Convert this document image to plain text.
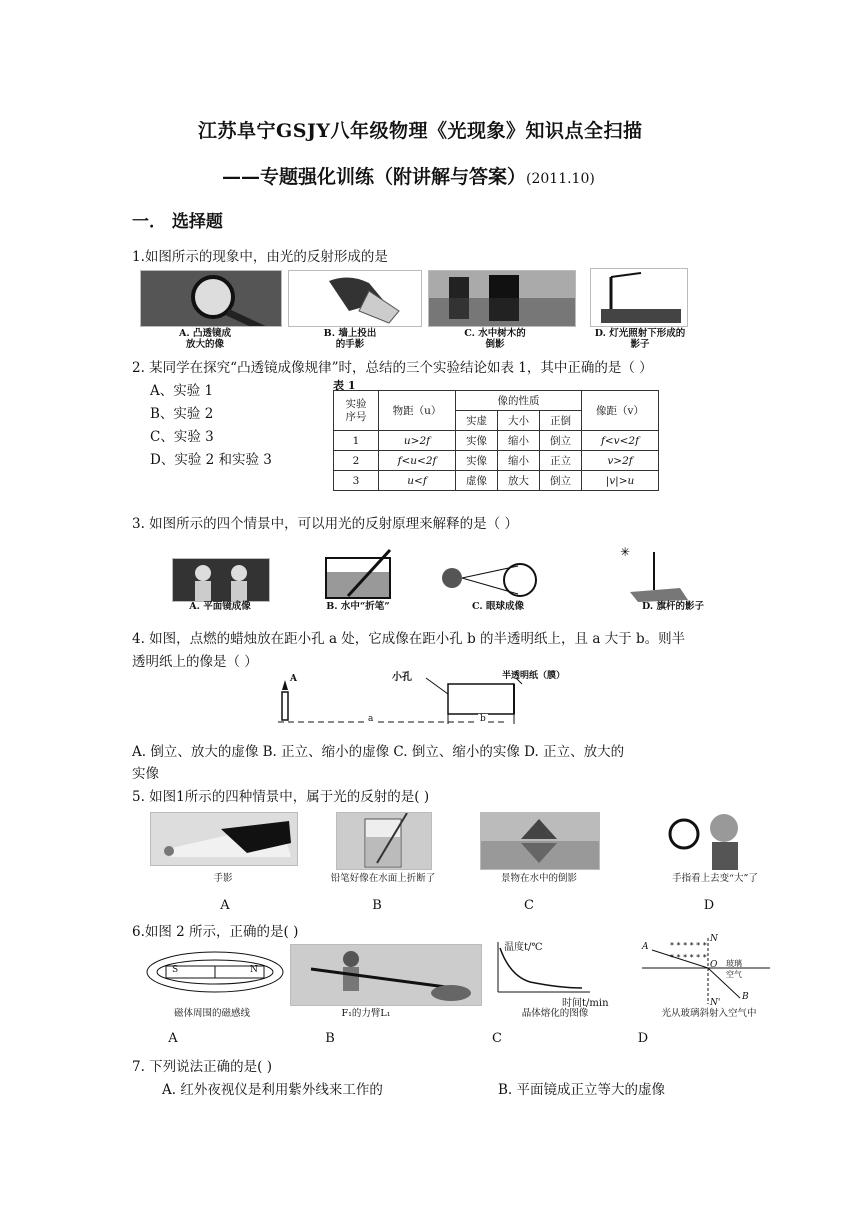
江苏阜宁GSJY八年级物理《光现象》知识点全扫描
——专题强化训练（附讲解与答案）(2011.10)
一． 选择题
1.如图所示的现象中，由光的反射形成的是
A. 凸透镜成
放大的像
B. 墙上投出
的手影
C. 水中树木的
倒影
D. 灯光照射下形成的
影子
2. 某同学在探究“凸透镜成像规律”时，总结的三个实验结论如表 1，其中正确的是（ ）
A、实验 1
B、实验 2
C、实验 3
D、实验 2 和实验 3
表 1
实验
序号	物距（u）	像的性质			像距（v）
		实虚	大小	正倒	
1	u>2f	实像	缩小	倒立	f<v<2f
2	f<u<2f	实像	缩小	正立	v>2f
3	u<f	虚像	放大	倒立	|v|>u
3. 如图所示的四个情景中，可以用光的反射原理来解释的是（ ）
✳
A. 平面镜成像	B. 水中“折笔”	C. 眼球成像	D. 旗杆的影子
4. 如图，点燃的蜡烛放在距小孔 a 处，它成像在距小孔 b 的半透明纸上，且 a 大于 b。则半
透明纸上的像是（ ）
A	小孔	半透明纸（膜）
a	b
A. 倒立、放大的虚像 B. 正立、缩小的虚像 C. 倒立、缩小的实像 D. 正立、放大的
实像
5. 如图1所示的四种情景中，属于光的反射的是( )
手影	铅笔好像在水面上折断了	景物在水中的倒影	手指看上去变“大”了
A	B	C	D
6.如图 2 所示，正确的是( )
S	N
温度t/℃
时间t/min
* * * * * *
* * * * * *
A
N
O 玻璃
空气
B
N'
磁体周围的磁感线	F₁的力臂L₁	晶体熔化的图像	光从玻璃斜射入空气中
A	B	C	D
7. 下列说法正确的是( )
A. 红外夜视仪是利用紫外线来工作的	B. 平面镜成正立等大的虚像
